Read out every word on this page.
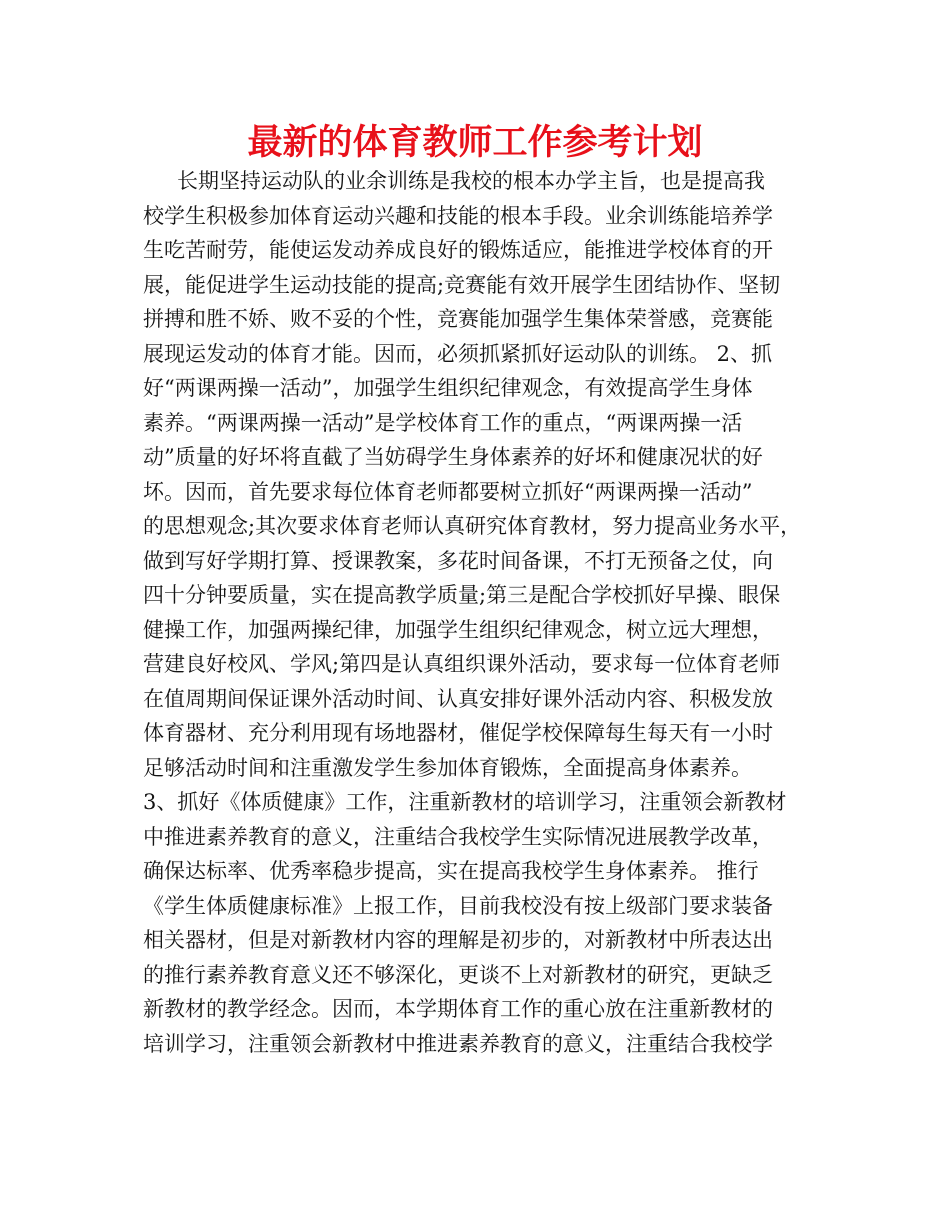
最新的体育教师工作参考计划
长期坚持运动队的业余训练是我校的根本办学主旨，也是提高我
校学生积极参加体育运动兴趣和技能的根本手段。业余训练能培养学
生吃苦耐劳，能使运发动养成良好的锻炼适应，能推进学校体育的开
展，能促进学生运动技能的提高;竞赛能有效开展学生团结协作、坚韧
拼搏和胜不娇、败不妥的个性，竞赛能加强学生集体荣誉感，竞赛能
展现运发动的体育才能。因而，必须抓紧抓好运动队的训练。 2、抓
好“两课两操一活动”，加强学生组织纪律观念，有效提高学生身体
素养。“两课两操一活动”是学校体育工作的重点，“两课两操一活
动”质量的好坏将直截了当妨碍学生身体素养的好坏和健康况状的好
坏。因而，首先要求每位体育老师都要树立抓好“两课两操一活动”
的思想观念;其次要求体育老师认真研究体育教材，努力提高业务水平，
做到写好学期打算、授课教案，多花时间备课，不打无预备之仗，向
四十分钟要质量，实在提高教学质量;第三是配合学校抓好早操、眼保
健操工作，加强两操纪律，加强学生组织纪律观念，树立远大理想，
营建良好校风、学风;第四是认真组织课外活动，要求每一位体育老师
在值周期间保证课外活动时间、认真安排好课外活动内容、积极发放
体育器材、充分利用现有场地器材，催促学校保障每生每天有一小时
足够活动时间和注重激发学生参加体育锻炼，全面提高身体素养。
3、抓好《体质健康》工作，注重新教材的培训学习，注重领会新教材
中推进素养教育的意义，注重结合我校学生实际情况进展教学改革，
确保达标率、优秀率稳步提高，实在提高我校学生身体素养。 推行
《学生体质健康标准》上报工作，目前我校没有按上级部门要求装备
相关器材，但是对新教材内容的理解是初步的，对新教材中所表达出
的推行素养教育意义还不够深化，更谈不上对新教材的研究，更缺乏
新教材的教学经念。因而，本学期体育工作的重心放在注重新教材的
培训学习，注重领会新教材中推进素养教育的意义，注重结合我校学
